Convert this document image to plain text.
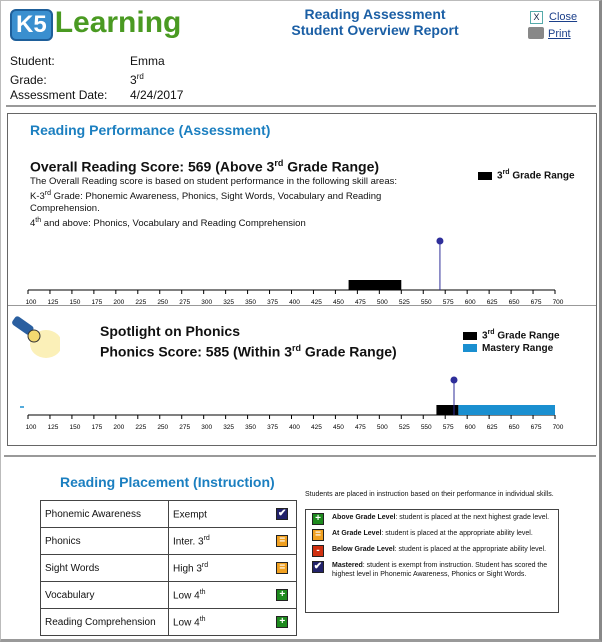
K5 Learning	Reading Assessment
Student Overview Report
X Close
Print
Student:	Emma
Grade:	3rd
Assessment Date: 4/24/2017
Reading Performance (Assessment)
Overall Reading Score: 569 (Above 3rd Grade Range)
The Overall Reading score is based on student performance in the following skill areas:
K-3rd Grade: Phonemic Awareness, Phonics, Sight Words, Vocabulary and Reading Comprehension.
4th and above: Phonics, Vocabulary and Reading Comprehension
3rd Grade Range
100 125 150 175 200 225 250 275 300 325 350 375 400 425 450 475 500 525 550 575 600 625 650 675 700
Spotlight on Phonics
Phonics Score: 585 (Within 3rd Grade Range)
3rd Grade Range
Mastery Range
100 125 150 175 200 225 250 275 300 325 350 375 400 425 450 475 500 525 550 575 600 625 650 675 700
Reading Placement (Instruction)
Phonemic Awareness	Exempt	✔
Phonics	Inter. 3rd	=
Sight Words	High 3rd	=
Vocabulary	Low 4th	+
Reading Comprehension	Low 4th	+
Students are placed in instruction based on their performance in individual skills.
+	Above Grade Level: student is placed at the next highest grade level.
=	At Grade Level: student is placed at the appropriate ability level.
-	Below Grade Level: student is placed at the appropriate ability level.
✔ Mastered: student is exempt from instruction. Student has scored the highest level in Phonemic Awareness, Phonics or Sight Words.
